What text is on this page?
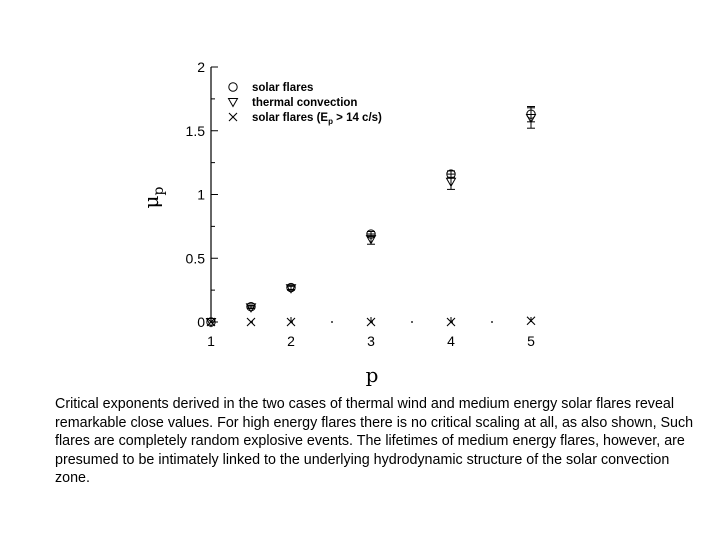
0
0.5
1
1.5
2
1	2	3	4	5
p
$\mu_p$
solar flares
thermal convection
solar flares ($E_p > 14$ c/s)

Critical exponents derived in the two cases of thermal wind and medium energy solar flares reveal remarkable close values. For high energy flares there is no critical scaling at all, as also shown, Such flares are completely random explosive events. The lifetimes of medium energy flares, however, are presumed to be intimately linked to the underlying hydrodynamic structure of the solar convection zone.
